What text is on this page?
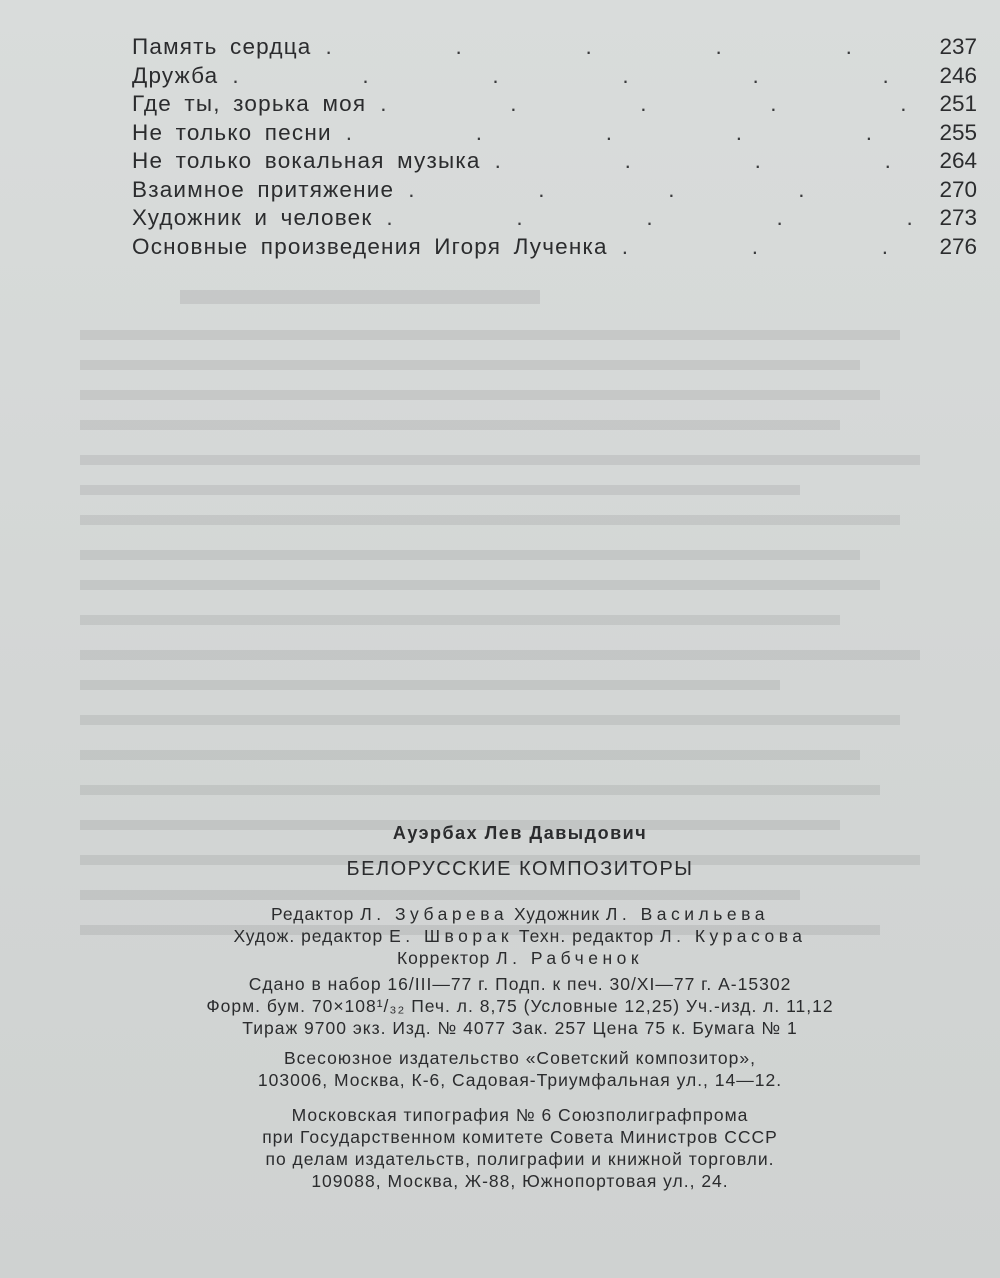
Память сердца .	237
Дружба .	246
Где ты, зорька моя .	251
Не только песни .	255
Не только вокальная музыка .	264
Взаимное притяжение .	270
Художник и человек .	273
Основные произведения Игоря Лученка .	276
Ауэрбах Лев Давыдович
БЕЛОРУССКИЕ КОМПОЗИТОРЫ
Редактор Л. Зубарева Художник Л. Васильева
Худож. редактор Е. Шворак Техн. редактор Л. Курасова
Корректор Л. Рабченок
Сдано в набор 16/III—77 г. Подп. к печ. 30/XI—77 г. А-15302
Форм. бум. 70×108¹/₃₂ Печ. л. 8,75 (Условные 12,25) Уч.-изд. л. 11,12
Тираж 9700 экз. Изд. № 4077 Зак. 257 Цена 75 к. Бумага № 1
Всесоюзное издательство «Советский композитор»,
103006, Москва, К-6, Садовая-Триумфальная ул., 14—12.
Московская типография № 6 Союзполиграфпрома
при Государственном комитете Совета Министров СССР
по делам издательств, полиграфии и книжной торговли.
109088, Москва, Ж-88, Южнопортовая ул., 24.
